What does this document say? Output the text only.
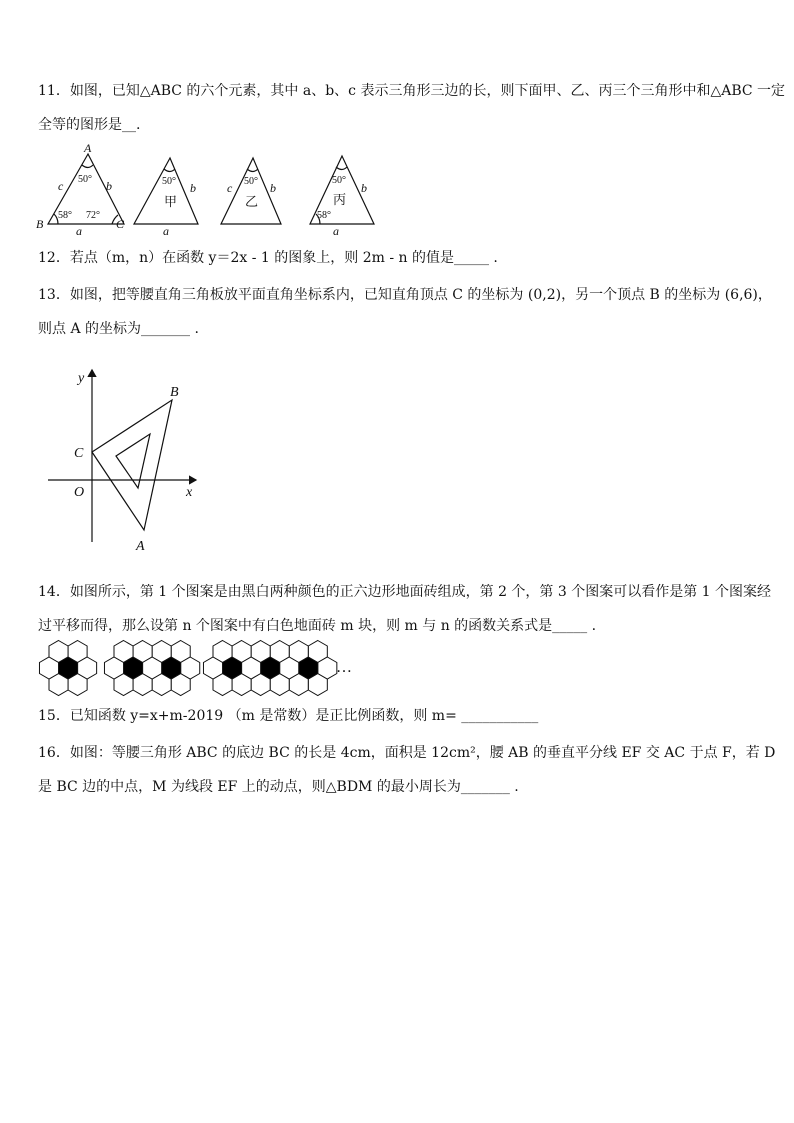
11．如图，已知△ABC 的六个元素，其中 a、b、c 表示三角形三边的长，则下面甲、乙、丙三个三角形中和△ABC 一定
全等的图形是__.
A
B	C
a
b
c 50°
58° 72°
50°
甲
b
a
50°
乙
c	b
50°
丙
58°
b
a
12．若点（m，n）在函数 y＝2x - 1 的图象上，则 2m - n 的值是_____ .
13．如图，把等腰直角三角板放平面直角坐标系内，已知直角顶点 C 的坐标为 (0,2)，另一个顶点 B 的坐标为 (6,6)，
则点 A 的坐标为_______ .
y
x
O
C
B
A
14．如图所示，第 1 个图案是由黑白两种颜色的正六边形地面砖组成，第 2 个，第 3 个图案可以看作是第 1 个图案经
过平移而得，那么设第 n 个图案中有白色地面砖 m 块，则 m 与 n 的函数关系式是_____ .
…
15．已知函数 y=x+m-2019 （m 是常数）是正比例函数，则 m= ___________
16．如图：等腰三角形 ABC 的底边 BC 的长是 4cm，面积是 12cm²，腰 AB 的垂直平分线 EF 交 AC 于点 F，若 D
是 BC 边的中点，M 为线段 EF 上的动点，则△BDM 的最小周长为_______ .
